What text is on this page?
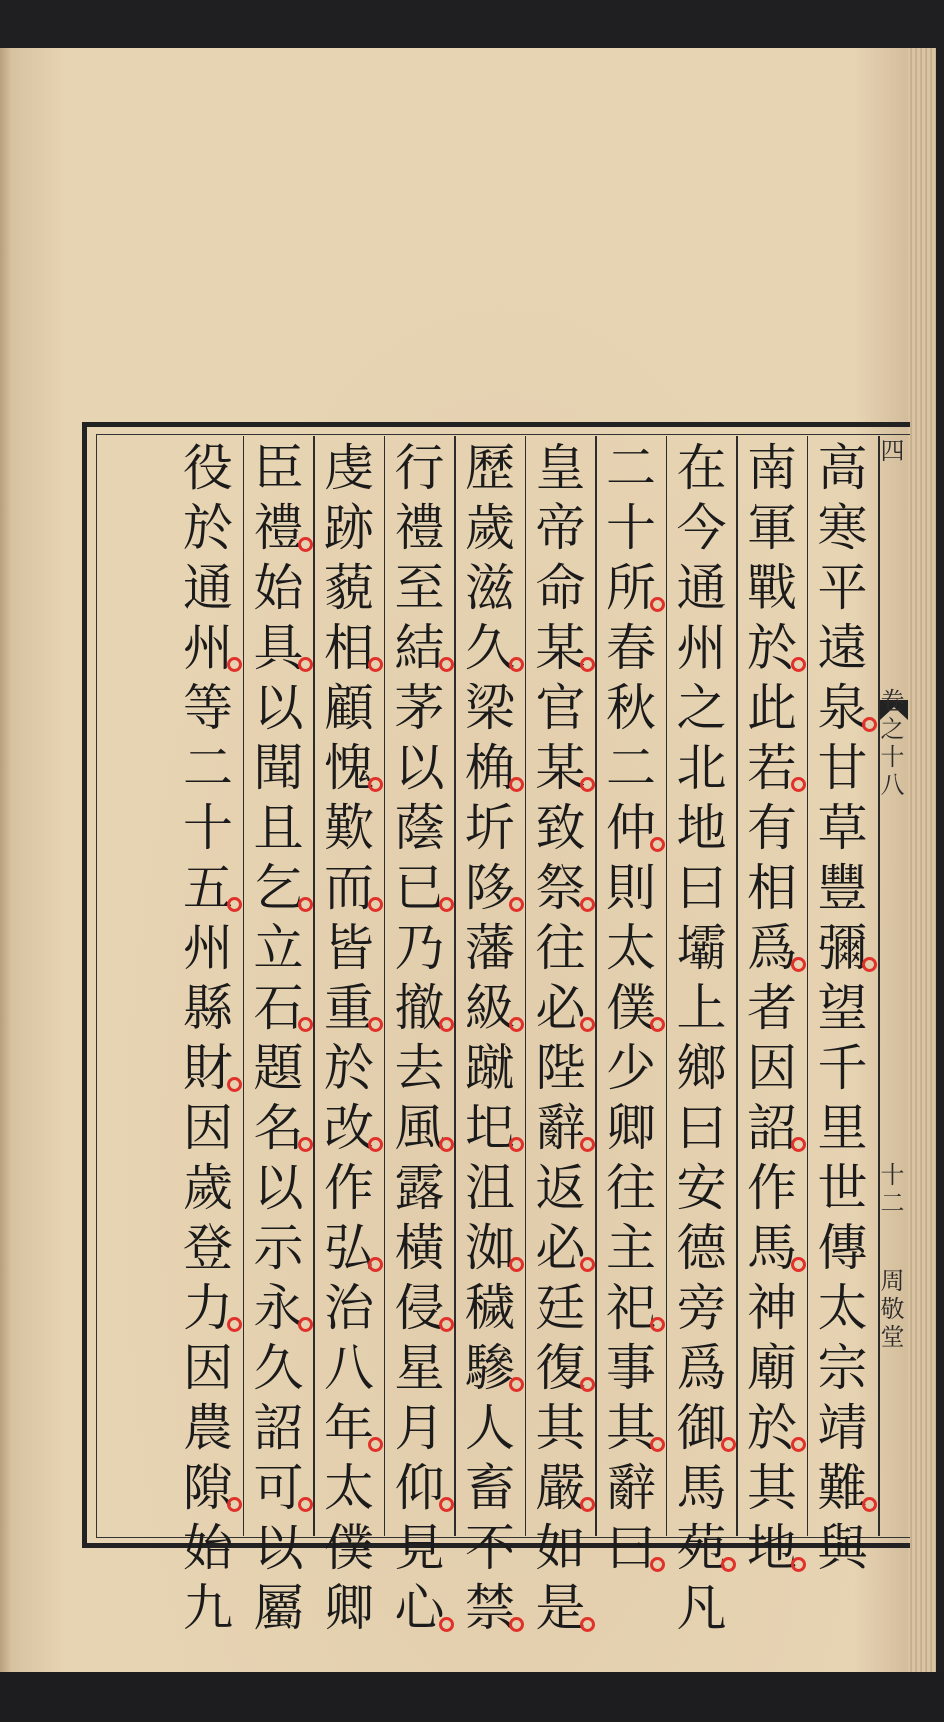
四 卷之十八 十二 周敬堂
高
寒
平
遠
泉
甘
草
豐
彌
望
千
里
世
傳
太
宗
靖
難
與
南
軍
戰
於
此
若
有
相
爲
者
因
詔
作
馬
神
廟
於
其
地
在
今
通
州
之
北
地
曰
壩
上
鄉
曰
安
德
旁
爲
御
馬
苑
凡
二
十
所
春
秋
二
仲
則
太
僕
少
卿
往
主
祀
事
其
辭
曰
皇
帝
命
某
官
某
致
祭
往
必
陛
辭
返
必
廷
復
其
嚴
如
是
歷
歲
滋
久
梁
桷
圻
陊
藩
級
蹴
圯
沮
洳
穢
驂
人
畜
不
禁
行
禮
至
結
茅
以
蔭
已
乃
撤
去
風
露
橫
侵
星
月
仰
見
心
虔
跡
藐
相
顧
愧
歎
而
皆
重
於
改
作
弘
治
八
年
太
僕
卿
臣
禮
始
具
以
聞
且
乞
立
石
題
名
以
示
永
久
詔
可
以
屬
役
於
通
州
等
二
十
五
州
縣
財
因
歲
登
力
因
農
隙
始
九
